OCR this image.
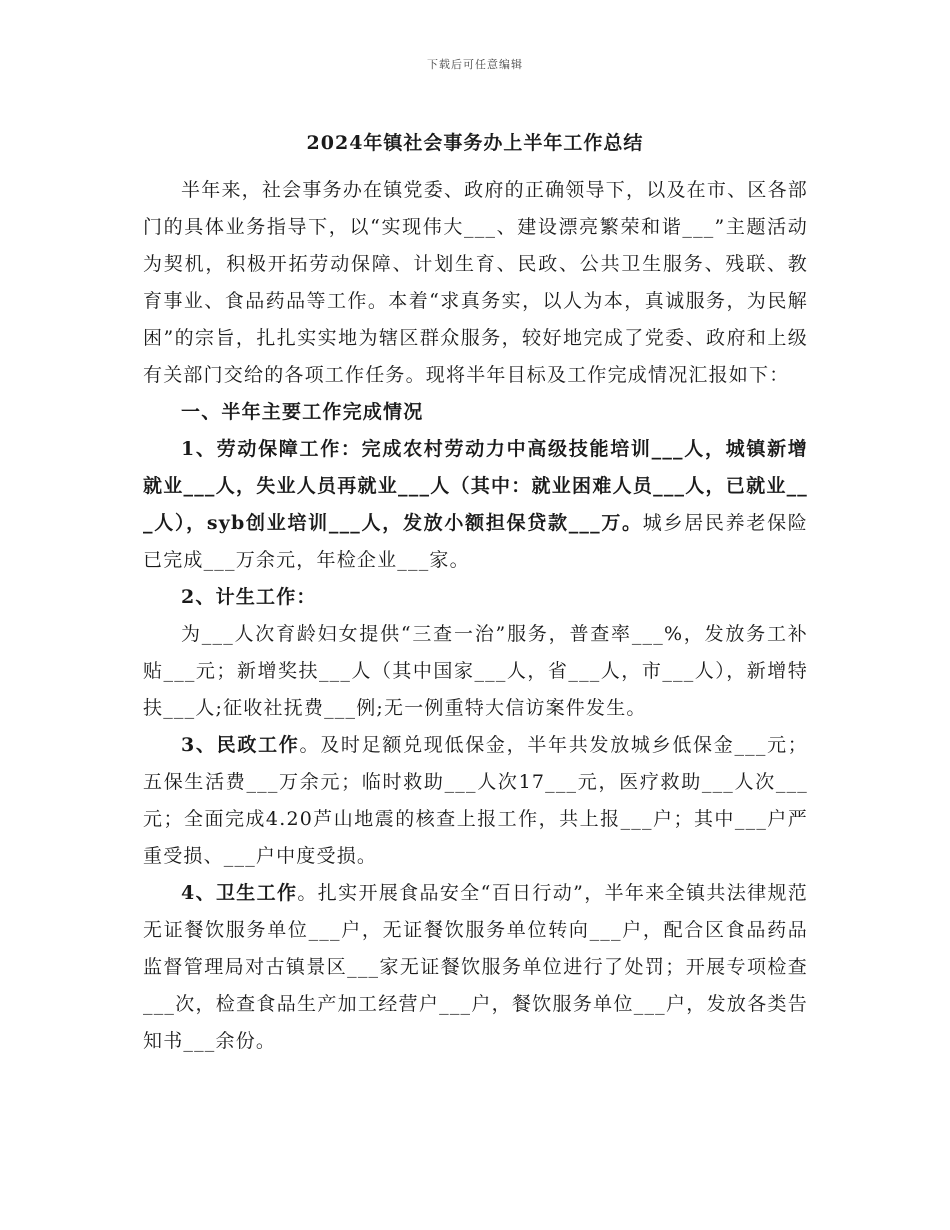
下载后可任意编辑
2024年镇社会事务办上半年工作总结

半年来，社会事务办在镇党委、政府的正确领导下，以及在市、区各部门的具体业务指导下，以“实现伟大___、建设漂亮繁荣和谐___”主题活动为契机，积极开拓劳动保障、计划生育、民政、公共卫生服务、残联、教育事业、食品药品等工作。本着“求真务实，以人为本，真诚服务，为民解困”的宗旨，扎扎实实地为辖区群众服务，较好地完成了党委、政府和上级有关部门交给的各项工作任务。现将半年目标及工作完成情况汇报如下：

一、半年主要工作完成情况

1、劳动保障工作：完成农村劳动力中高级技能培训___人，城镇新增就业___人，失业人员再就业___人（其中：就业困难人员___人，已就业___人），syb创业培训___人，发放小额担保贷款___万。城乡居民养老保险已完成___万余元，年检企业___家。

2、计生工作：

为___人次育龄妇女提供“三查一治”服务，普查率___%，发放务工补贴___元；新增奖扶___人（其中国家___人，省___人，市___人），新增特扶___人;征收社抚费___例;无一例重特大信访案件发生。

3、民政工作。及时足额兑现低保金，半年共发放城乡低保金___元；五保生活费___万余元；临时救助___人次17___元，医疗救助___人次___元；全面完成4.20芦山地震的核查上报工作，共上报___户；其中___户严重受损、___户中度受损。

4、卫生工作。扎实开展食品安全“百日行动”，半年来全镇共法律规范无证餐饮服务单位___户，无证餐饮服务单位转向___户，配合区食品药品监督管理局对古镇景区___家无证餐饮服务单位进行了处罚；开展专项检查___次，检查食品生产加工经营户___户，餐饮服务单位___户，发放各类告知书___余份。
